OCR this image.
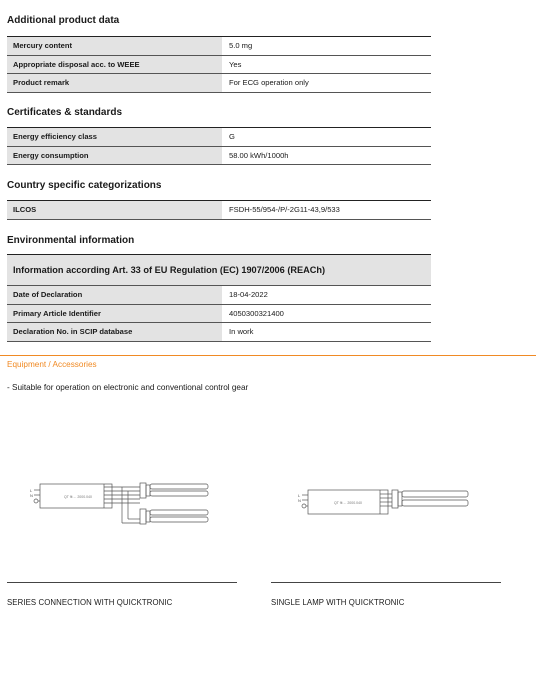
Additional product data
Mercury content	5.0 mg
Appropriate disposal acc. to WEEE	Yes
Product remark	For ECG operation only
Certificates & standards
Energy efficiency class	G
Energy consumption	58.00 kWh/1000h
Country specific categorizations
ILCOS	FSDH-55/954-/P/-2G11-43,9/533
Environmental information
Information according Art. 33 of EU Regulation (EC) 1907/2006 (REACh)
Date of Declaration	18-04-2022
Primary Article Identifier	4050300321400
Declaration No. in SCIP database	In work
Equipment / Accessories
- Suitable for operation on electronic and conventional control gear
L
N	QT fit ... 2000.040
SERIES CONNECTION WITH QUICKTRONIC
L
N	QT fit ... 2000.040
SINGLE LAMP WITH QUICKTRONIC
